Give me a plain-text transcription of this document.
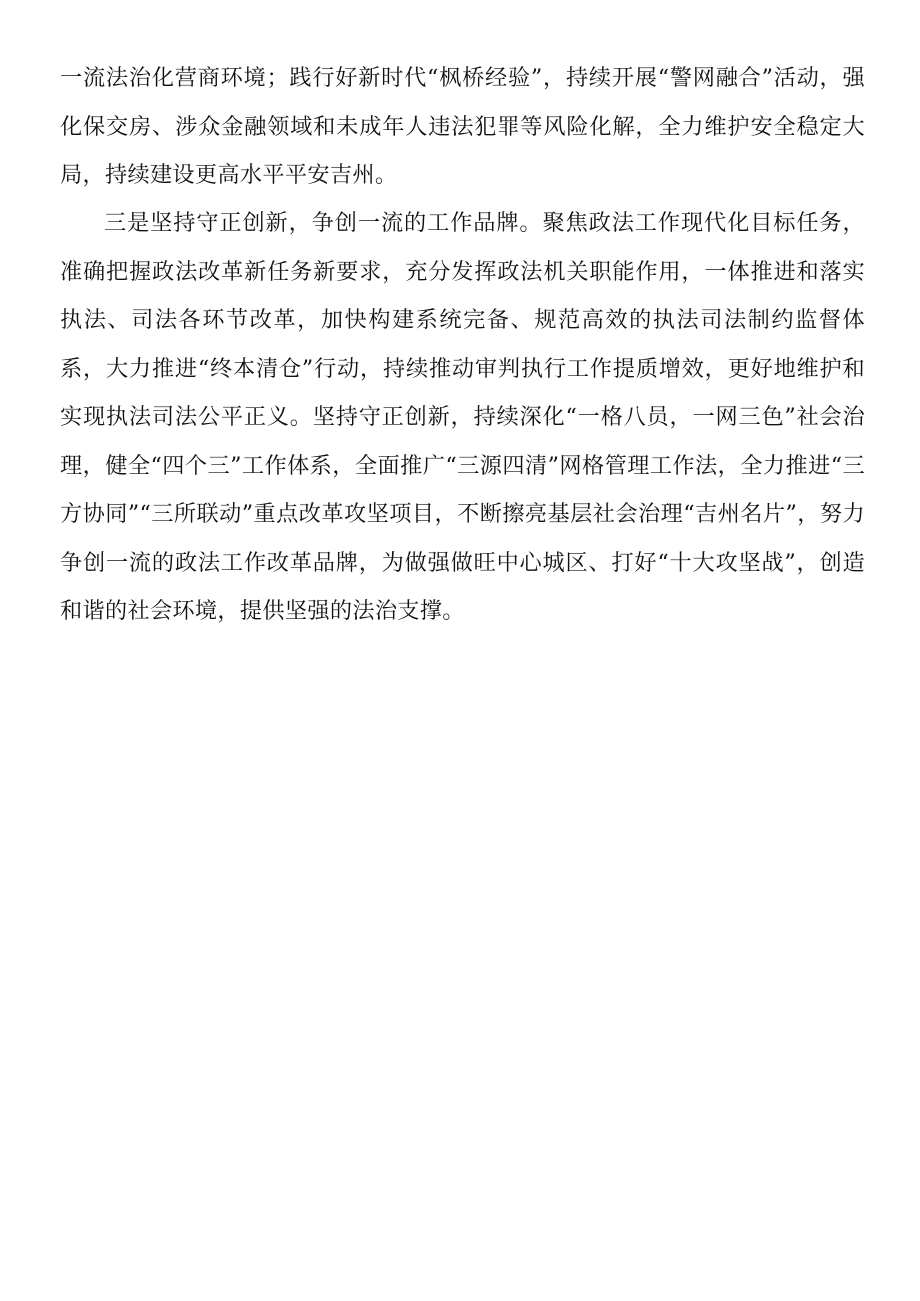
一流法治化营商环境；践行好新时代“枫桥经验”，持续开展“警网融合”活动，强化保交房、涉众金融领域和未成年人违法犯罪等风险化解，全力维护安全稳定大局，持续建设更高水平平安吉州。

三是坚持守正创新，争创一流的工作品牌。聚焦政法工作现代化目标任务，准确把握政法改革新任务新要求，充分发挥政法机关职能作用，一体推进和落实执法、司法各环节改革，加快构建系统完备、规范高效的执法司法制约监督体系，大力推进“终本清仓”行动，持续推动审判执行工作提质增效，更好地维护和实现执法司法公平正义。坚持守正创新，持续深化“一格八员，一网三色”社会治理，健全“四个三”工作体系，全面推广“三源四清”网格管理工作法，全力推进“三方协同”“三所联动”重点改革攻坚项目，不断擦亮基层社会治理“吉州名片”，努力争创一流的政法工作改革品牌，为做强做旺中心城区、打好“十大攻坚战”，创造和谐的社会环境，提供坚强的法治支撑。
